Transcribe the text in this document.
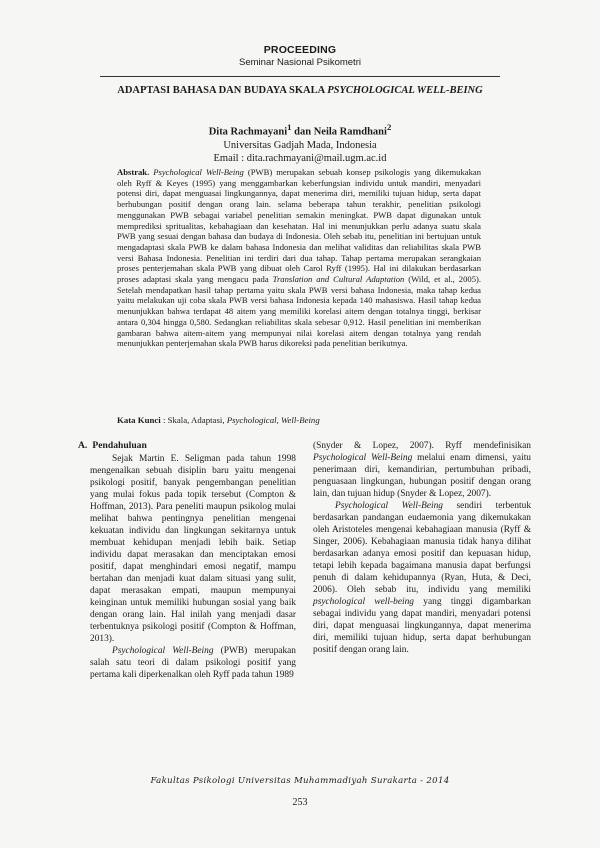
PROCEEDING
Seminar Nasional Psikometri
ADAPTASI BAHASA DAN BUDAYA SKALA PSYCHOLOGICAL WELL-BEING
Dita Rachmayani$^1$ dan Neila Ramdhani$^2$
Universitas Gadjah Mada, Indonesia
Email : dita.rachmayani@mail.ugm.ac.id

Abstrak. Psychological Well-Being (PWB) merupakan sebuah konsep psikologis yang dikemukakan oleh Ryff & Keyes (1995) yang menggambarkan keberfungsian individu untuk mandiri, menyadari potensi diri, dapat menguasai lingkungannya, dapat menerima diri, memiliki tujuan hidup, serta dapat berhubungan positif dengan orang lain. selama beberapa tahun terakhir, penelitian psikologi menggunakan PWB sebagai variabel penelitian semakin meningkat. PWB dapat digunakan untuk memprediksi spritualitas, kebahagiaan dan kesehatan. Hal ini menunjukkan perlu adanya suatu skala PWB yang sesuai dengan bahasa dan budaya di Indonesia. Oleh sebab itu, penelitian ini bertujuan untuk mengadaptasi skala PWB ke dalam bahasa Indonesia dan melihat validitas dan reliabilitas skala PWB versi Bahasa Indonesia. Penelitian ini terdiri dari dua tahap. Tahap pertama merupakan serangkaian proses penterjemahan skala PWB yang dibuat oleh Carol Ryff (1995). Hal ini dilakukan berdasarkan proses adaptasi skala yang mengacu pada Translation and Cultural Adaptation (Wild, et al., 2005). Setelah mendapatkan hasil tahap pertama yaitu skala PWB versi bahasa Indonesia, maka tahap kedua yaitu melakukan uji coba skala PWB versi bahasa Indonesia kepada 140 mahasiswa. Hasil tahap kedua menunjukkan bahwa terdapat 48 aitem yang memiliki korelasi aitem dengan totalnya tinggi, berkisar antara 0,304 hingga 0,580. Sedangkan reliabilitas skala sebesar 0,912. Hasil penelitian ini memberikan gambaran bahwa aitem-aitem yang mempunyai nilai korelasi aitem dengan totalnya yang rendah menunjukkan penterjemahan skala PWB harus dikoreksi pada penelitian berikutnya.

Kata Kunci : Skala, Adaptasi, Psychological, Well-Being

A. Pendahuluan

Sejak Martin E. Seligman pada tahun 1998 mengenalkan sebuah disiplin baru yaitu mengenai psikologi positif, banyak pengembangan penelitian yang mulai fokus pada topik tersebut (Compton & Hoffman, 2013). Para peneliti maupun psikolog mulai melihat bahwa pentingnya penelitian mengenai kekuatan individu dan lingkungan sekitarnya untuk membuat kehidupan menjadi lebih baik. Setiap individu dapat merasakan dan menciptakan emosi positif, dapat menghindari emosi negatif, mampu bertahan dan menjadi kuat dalam situasi yang sulit, dapat merasakan empati, maupun mempunyai keinginan untuk memiliki hubungan sosial yang baik dengan orang lain. Hal inilah yang menjadi dasar terbentuknya psikologi positif (Compton & Hoffman, 2013).

Psychological Well-Being (PWB) merupakan salah satu teori di dalam psikologi positif yang pertama kali diperkenalkan oleh Ryff pada tahun 1989

(Snyder & Lopez, 2007). Ryff mendefinisikan Psychological Well-Being melalui enam dimensi, yaitu penerimaan diri, kemandirian, pertumbuhan pribadi, penguasaan lingkungan, hubungan positif dengan orang lain, dan tujuan hidup (Snyder & Lopez, 2007).

Psychological Well-Being sendiri terbentuk berdasarkan pandangan eudaemonia yang dikemukakan oleh Aristoteles mengenai kebahagiaan manusia (Ryff & Singer, 2006). Kebahagiaan manusia tidak hanya dilihat berdasarkan adanya emosi positif dan kepuasan hidup, tetapi lebih kepada bagaimana manusia dapat berfungsi penuh di dalam kehidupannya (Ryan, Huta, & Deci, 2006). Oleh sebab itu, individu yang memiliki psychological well-being yang tinggi digambarkan sebagai individu yang dapat mandiri, menyadari potensi diri, dapat menguasai lingkungannya, dapat menerima diri, memiliki tujuan hidup, serta dapat berhubungan positif dengan orang lain.

Fakultas Psikologi Universitas Muhammadiyah Surakarta - 2014
253
